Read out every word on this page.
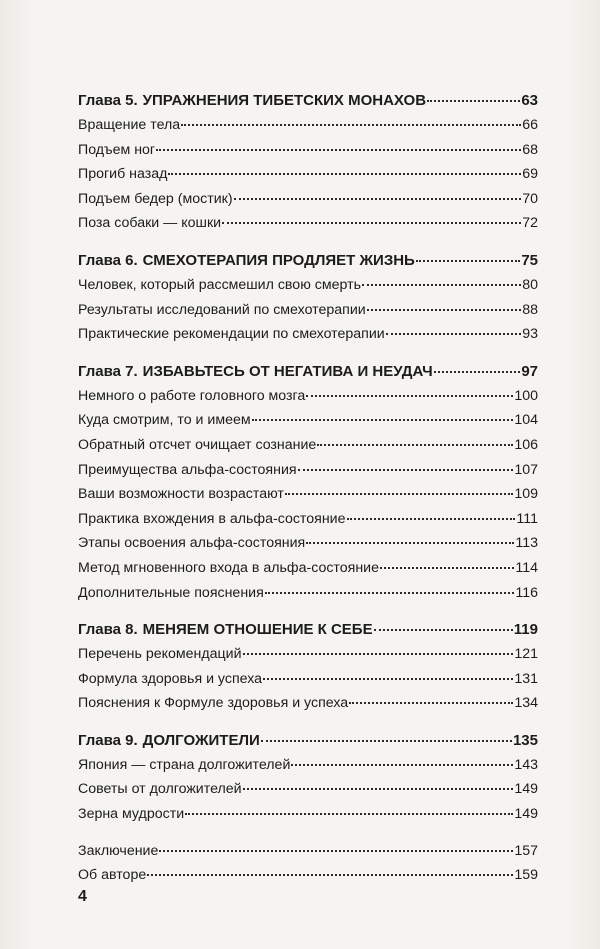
Глава 5. УПРАЖНЕНИЯ ТИБЕТСКИХ МОНАХОВ	63
Вращение тела	66
Подъем ног	68
Прогиб назад	69
Подъем бедер (мостик)	70
Поза собаки — кошки	72
Глава 6. СМЕХОТЕРАПИЯ ПРОДЛЯЕТ ЖИЗНЬ	75
Человек, который рассмешил свою смерть	80
Результаты исследований по смехотерапии	88
Практические рекомендации по смехотерапии	93
Глава 7. ИЗБАВЬТЕСЬ ОТ НЕГАТИВА И НЕУДАЧ	97
Немного о работе головного мозга	100
Куда смотрим, то и имеем	104
Обратный отсчет очищает сознание	106
Преимущества альфа-состояния	107
Ваши возможности возрастают	109
Практика вхождения в альфа-состояние	111
Этапы освоения альфа-состояния	113
Метод мгновенного входа в альфа-состояние	114
Дополнительные пояснения	116
Глава 8. МЕНЯЕМ ОТНОШЕНИЕ К СЕБЕ	119
Перечень рекомендаций	121
Формула здоровья и успеха	131
Пояснения к Формуле здоровья и успеха	134
Глава 9. ДОЛГОЖИТЕЛИ	135
Япония — страна долгожителей	143
Советы от долгожителей	149
Зерна мудрости	149
Заключение	157
Об авторе	159
4
